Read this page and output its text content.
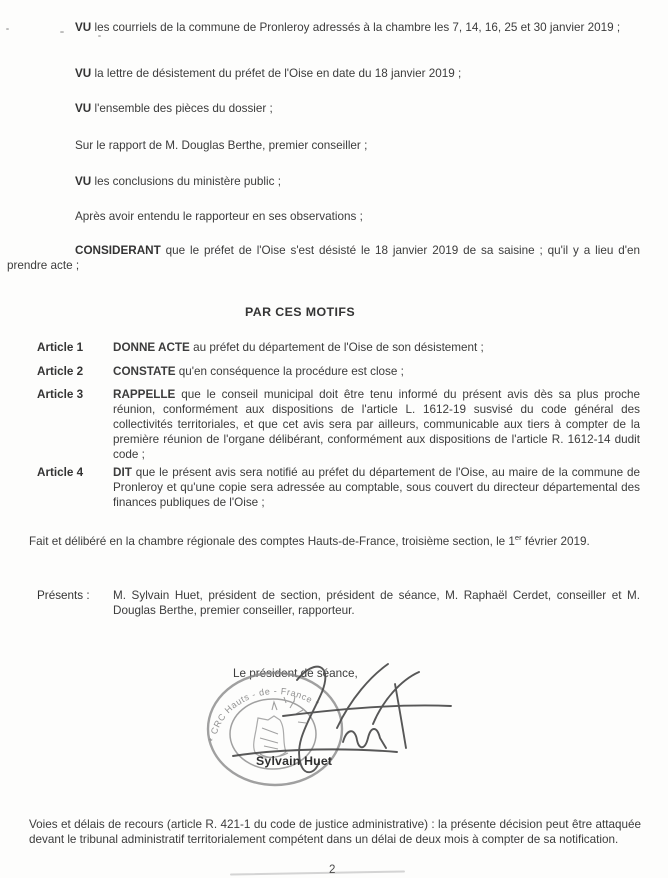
VU les courriels de la commune de Pronleroy adressés à la chambre les 7, 14, 16, 25 et 30 janvier 2019 ;
VU la lettre de désistement du préfet de l'Oise en date du 18 janvier 2019 ;
VU l'ensemble des pièces du dossier ;
Sur le rapport de M. Douglas Berthe, premier conseiller ;
VU les conclusions du ministère public ;
Après avoir entendu le rapporteur en ses observations ;
CONSIDERANT que le préfet de l'Oise s'est désisté le 18 janvier 2019 de sa saisine ; qu'il y a lieu d'en prendre acte ;
PAR CES MOTIFS
Article 1	DONNE ACTE au préfet du département de l'Oise de son désistement ;
Article 2	CONSTATE qu'en conséquence la procédure est close ;
Article 3	RAPPELLE que le conseil municipal doit être tenu informé du présent avis dès sa plus proche réunion, conformément aux dispositions de l'article L. 1612-19 susvisé du code général des collectivités territoriales, et que cet avis sera par ailleurs, communicable aux tiers à compter de la première réunion de l'organe délibérant, conformément aux dispositions de l'article R. 1612-14 dudit code ;
Article 4	DIT que le présent avis sera notifié au préfet du département de l'Oise, au maire de la commune de Pronleroy et qu'une copie sera adressée au comptable, sous couvert du directeur départemental des finances publiques de l'Oise ;
Fait et délibéré en la chambre régionale des comptes Hauts-de-France, troisième section, le 1er février 2019.
Présents : M. Sylvain Huet, président de section, président de séance, M. Raphaël Cerdet, conseiller et M. Douglas Berthe, premier conseiller, rapporteur.
Le président de séance,
* CRC Hauts - de - France *
Sylvain Huet
Voies et délais de recours (article R. 421-1 du code de justice administrative) : la présente décision peut être attaquée devant le tribunal administratif territorialement compétent dans un délai de deux mois à compter de sa notification.
2
